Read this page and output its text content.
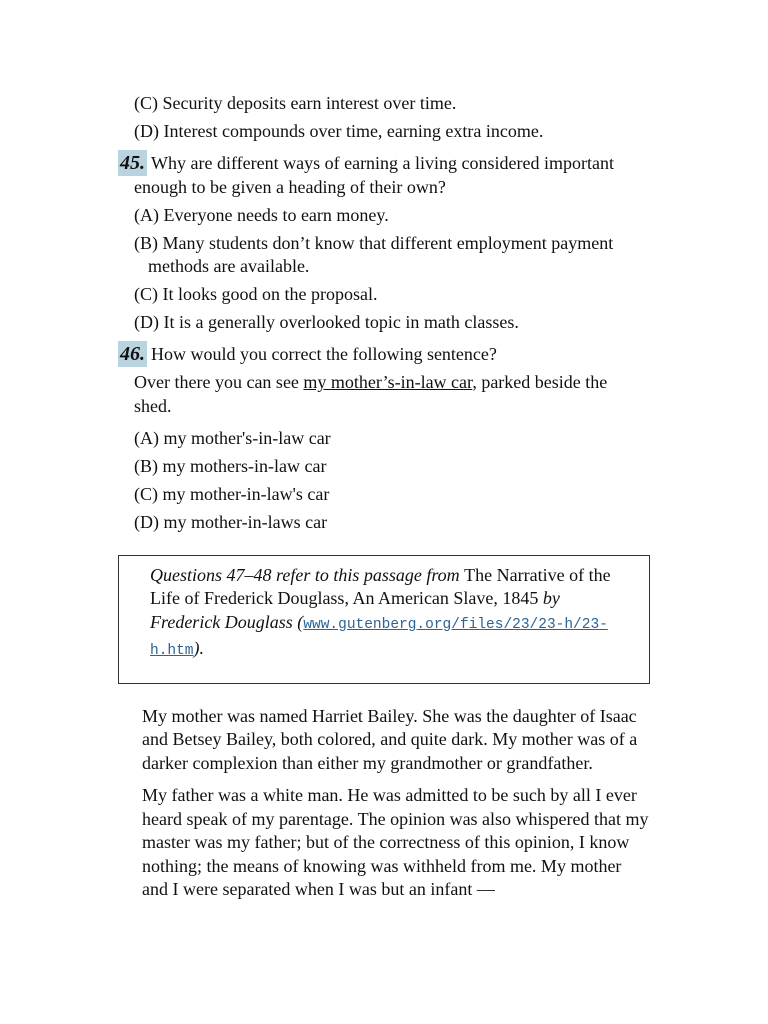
(C) Security deposits earn interest over time.
(D) Interest compounds over time, earning extra income.
45. Why are different ways of earning a living considered important enough to be given a heading of their own?
(A) Everyone needs to earn money.
(B) Many students don’t know that different employment payment methods are available.
(C) It looks good on the proposal.
(D) It is a generally overlooked topic in math classes.
46. How would you correct the following sentence?
Over there you can see my mother’s-in-law car, parked beside the shed.
(A) my mother's-in-law car
(B) my mothers-in-law car
(C) my mother-in-law's car
(D) my mother-in-laws car
Questions 47–48 refer to this passage from The Narrative of the Life of Frederick Douglass, An American Slave, 1845 by Frederick Douglass (www.gutenberg.org/files/23/23-h/23-h.htm).

My mother was named Harriet Bailey. She was the daughter of Isaac and Betsey Bailey, both colored, and quite dark. My mother was of a darker complexion than either my grandmother or grandfather.

My father was a white man. He was admitted to be such by all I ever heard speak of my parentage. The opinion was also whispered that my master was my father; but of the correctness of this opinion, I know nothing; the means of knowing was withheld from me. My mother and I were separated when I was but an infant —
